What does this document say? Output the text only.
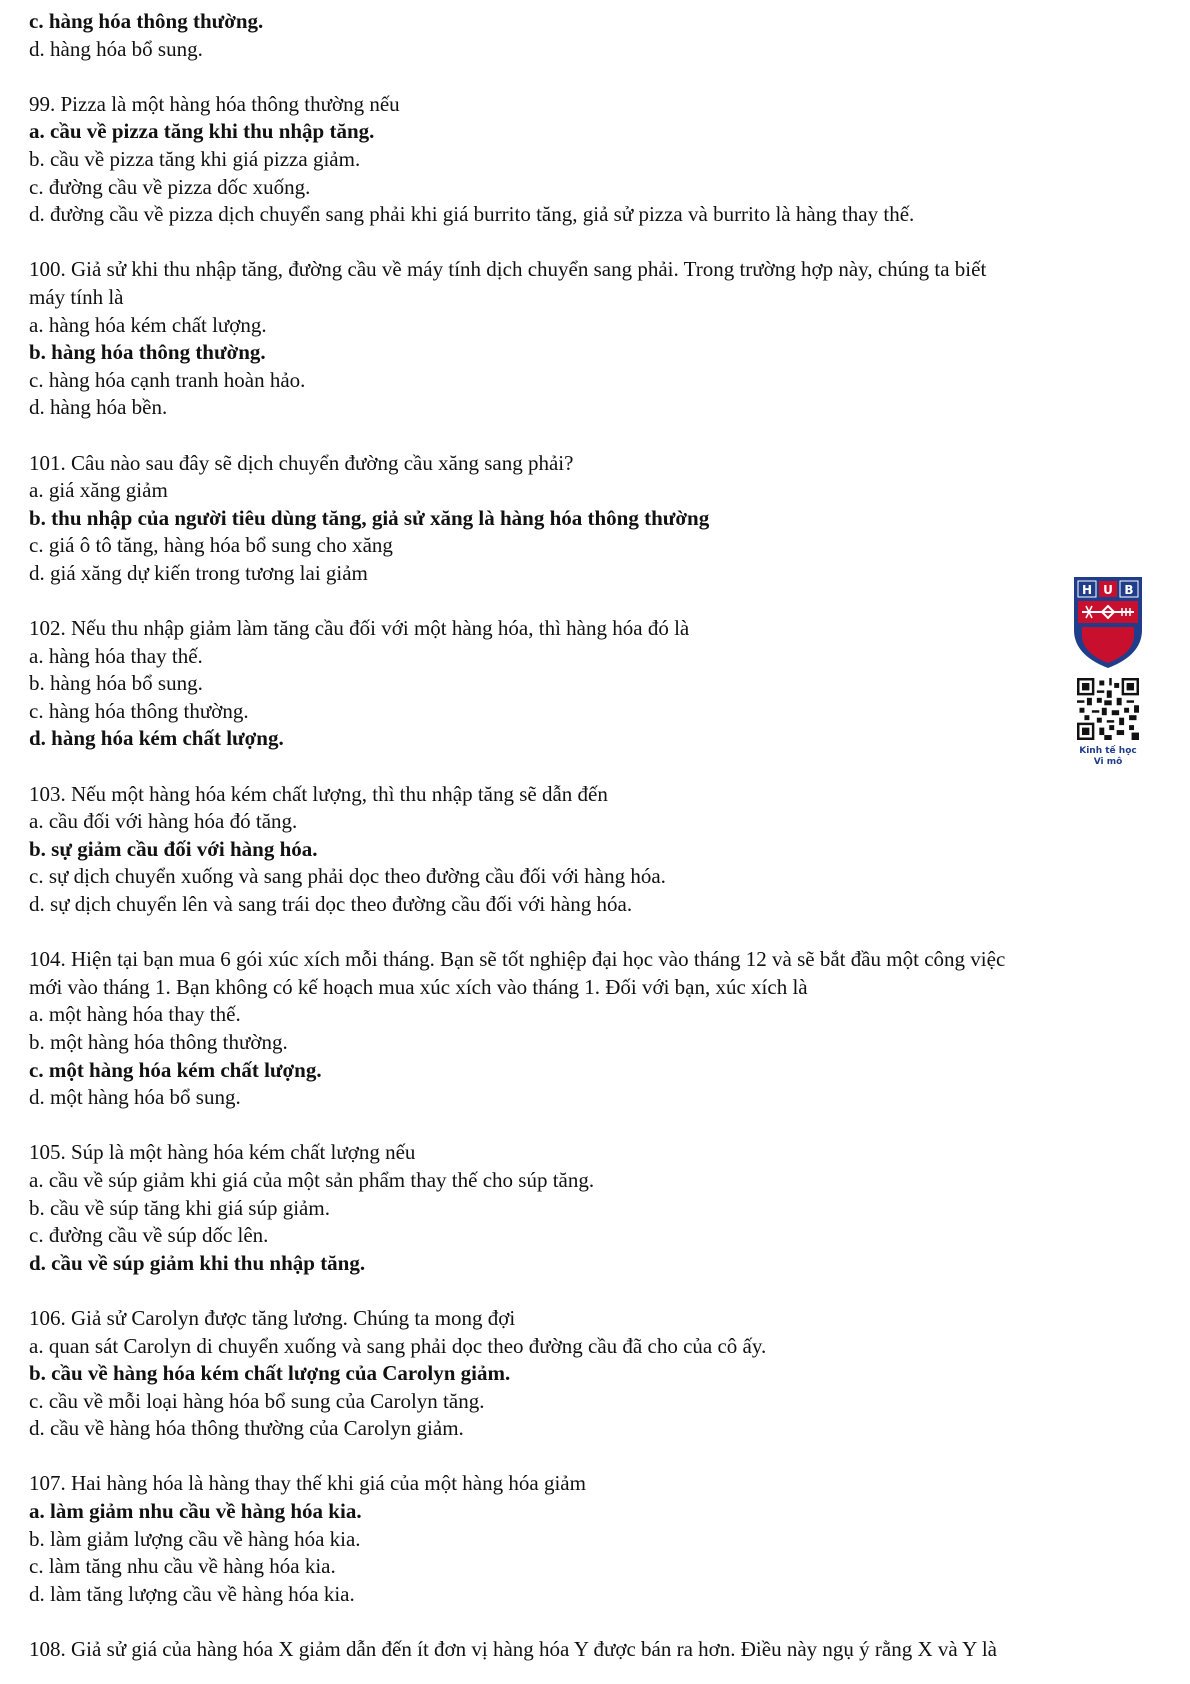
c. hàng hóa thông thường.
d. hàng hóa bổ sung.
99. Pizza là một hàng hóa thông thường nếu
a. cầu về pizza tăng khi thu nhập tăng.
b. cầu về pizza tăng khi giá pizza giảm.
c. đường cầu về pizza dốc xuống.
d. đường cầu về pizza dịch chuyển sang phải khi giá burrito tăng, giả sử pizza và burrito là hàng thay thế.
100. Giả sử khi thu nhập tăng, đường cầu về máy tính dịch chuyển sang phải. Trong trường hợp này, chúng ta biết
máy tính là
a. hàng hóa kém chất lượng.
b. hàng hóa thông thường.
c. hàng hóa cạnh tranh hoàn hảo.
d. hàng hóa bền.
101. Câu nào sau đây sẽ dịch chuyển đường cầu xăng sang phải?
a. giá xăng giảm
b. thu nhập của người tiêu dùng tăng, giả sử xăng là hàng hóa thông thường
c. giá ô tô tăng, hàng hóa bổ sung cho xăng
d. giá xăng dự kiến trong tương lai giảm
102. Nếu thu nhập giảm làm tăng cầu đối với một hàng hóa, thì hàng hóa đó là
a. hàng hóa thay thế.
b. hàng hóa bổ sung.
c. hàng hóa thông thường.
d. hàng hóa kém chất lượng.
103. Nếu một hàng hóa kém chất lượng, thì thu nhập tăng sẽ dẫn đến
a. cầu đối với hàng hóa đó tăng.
b. sự giảm cầu đối với hàng hóa.
c. sự dịch chuyển xuống và sang phải dọc theo đường cầu đối với hàng hóa.
d. sự dịch chuyển lên và sang trái dọc theo đường cầu đối với hàng hóa.
104. Hiện tại bạn mua 6 gói xúc xích mỗi tháng. Bạn sẽ tốt nghiệp đại học vào tháng 12 và sẽ bắt đầu một công việc
mới vào tháng 1. Bạn không có kế hoạch mua xúc xích vào tháng 1. Đối với bạn, xúc xích là
a. một hàng hóa thay thế.
b. một hàng hóa thông thường.
c. một hàng hóa kém chất lượng.
d. một hàng hóa bổ sung.
105. Súp là một hàng hóa kém chất lượng nếu
a. cầu về súp giảm khi giá của một sản phẩm thay thế cho súp tăng.
b. cầu về súp tăng khi giá súp giảm.
c. đường cầu về súp dốc lên.
d. cầu về súp giảm khi thu nhập tăng.
106. Giả sử Carolyn được tăng lương. Chúng ta mong đợi
a. quan sát Carolyn di chuyển xuống và sang phải dọc theo đường cầu đã cho của cô ấy.
b. cầu về hàng hóa kém chất lượng của Carolyn giảm.
c. cầu về mỗi loại hàng hóa bổ sung của Carolyn tăng.
d. cầu về hàng hóa thông thường của Carolyn giảm.
107. Hai hàng hóa là hàng thay thế khi giá của một hàng hóa giảm
a. làm giảm nhu cầu về hàng hóa kia.
b. làm giảm lượng cầu về hàng hóa kia.
c. làm tăng nhu cầu về hàng hóa kia.
d. làm tăng lượng cầu về hàng hóa kia.
108. Giả sử giá của hàng hóa X giảm dẫn đến ít đơn vị hàng hóa Y được bán ra hơn. Điều này ngụ ý rằng X và Y là
H U B
Kinh tế học
Vi mô
